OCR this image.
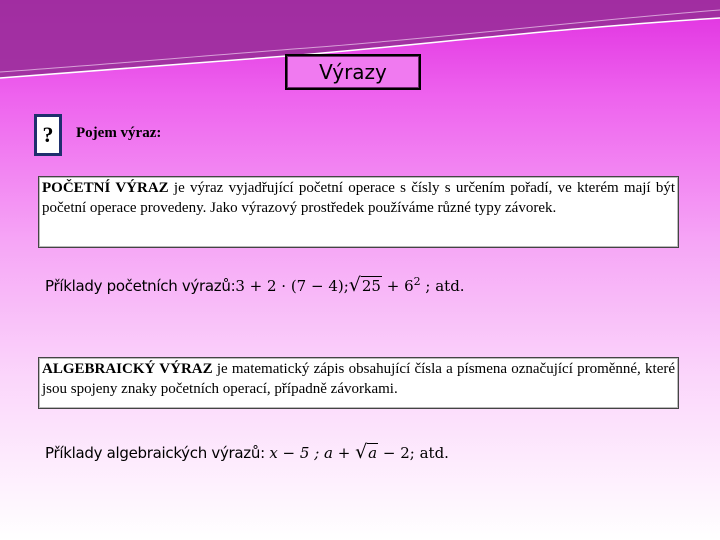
Výrazy
?	Pojem výraz:
POČETNÍ VÝRAZ je výraz vyjadřující početní operace s čísly s určením pořadí, ve kterém mají být početní operace provedeny. Jako výrazový prostředek používáme různé typy závorek.
Příklady početních výrazů:3 + 2 · (7 − 4);√25 + $6^2$ ; atd.
ALGEBRAICKÝ VÝRAZ je matematický zápis obsahující čísla a písmena označující proměnné, které jsou spojeny znaky početních operací, případně závorkami.
Příklady algebraických výrazů: x − 5 ; a + √a − 2; atd.
